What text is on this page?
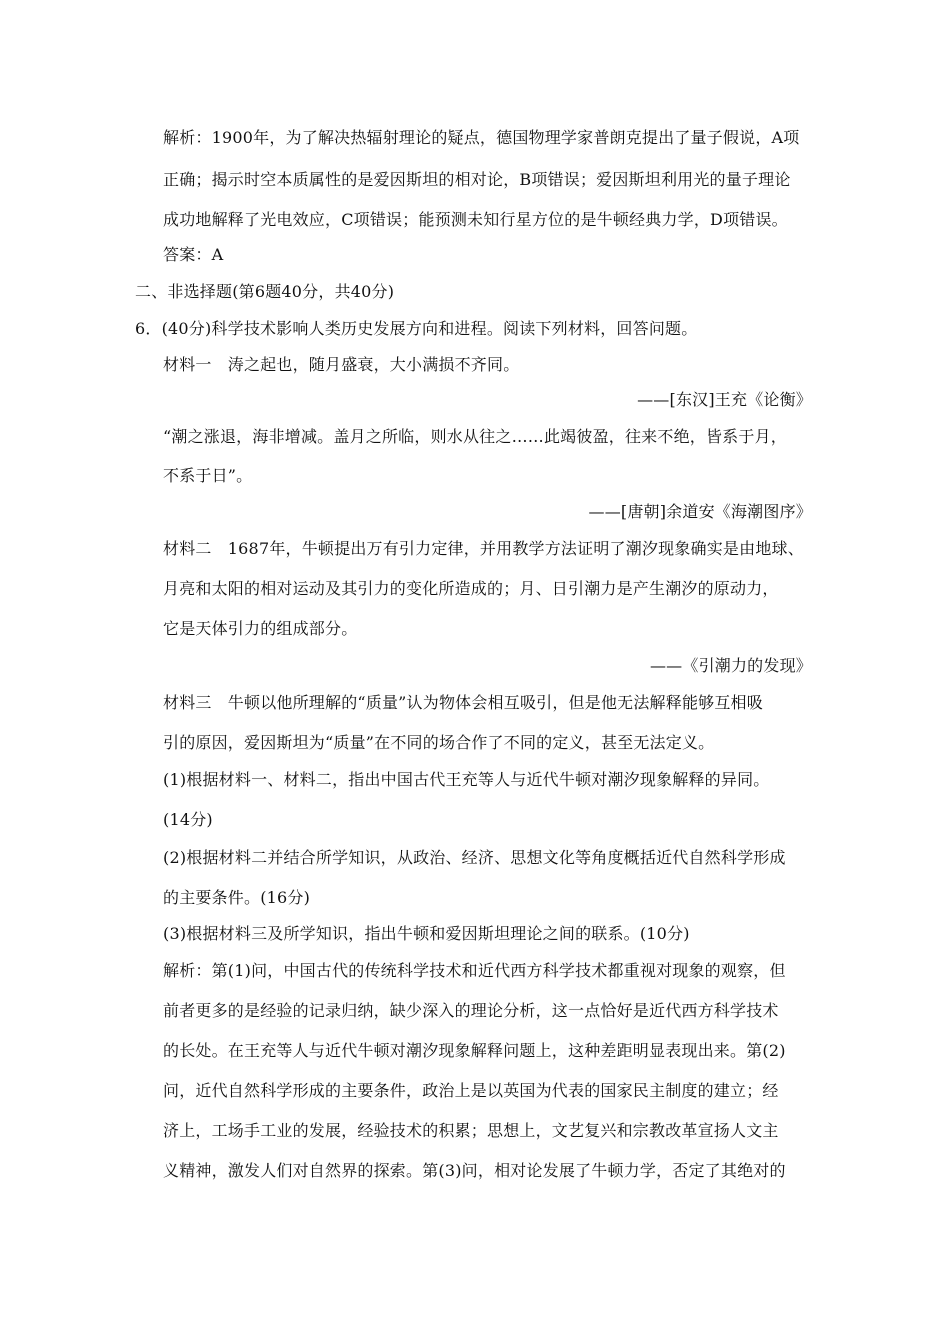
解析：1900年，为了解决热辐射理论的疑点，德国物理学家普朗克提出了量子假说，A项
正确；揭示时空本质属性的是爱因斯坦的相对论，B项错误；爱因斯坦利用光的量子理论
成功地解释了光电效应，C项错误；能预测未知行星方位的是牛顿经典力学，D项错误。
答案：A
二、非选择题(第6题40分，共40分)
6．(40分)科学技术影响人类历史发展方向和进程。阅读下列材料，回答问题。
材料一　涛之起也，随月盛衰，大小满损不齐同。
——[东汉]王充《论衡》
“潮之涨退，海非增减。盖月之所临，则水从往之……此竭彼盈，往来不绝，皆系于月，
不系于日”。
——[唐朝]余道安《海潮图序》
材料二　1687年，牛顿提出万有引力定律，并用教学方法证明了潮汐现象确实是由地球、
月亮和太阳的相对运动及其引力的变化所造成的；月、日引潮力是产生潮汐的原动力，
它是天体引力的组成部分。
——《引潮力的发现》
材料三　牛顿以他所理解的“质量”认为物体会相互吸引，但是他无法解释能够互相吸
引的原因，爱因斯坦为“质量”在不同的场合作了不同的定义，甚至无法定义。
(1)根据材料一、材料二，指出中国古代王充等人与近代牛顿对潮汐现象解释的异同。
(14分)
(2)根据材料二并结合所学知识，从政治、经济、思想文化等角度概括近代自然科学形成
的主要条件。(16分)
(3)根据材料三及所学知识，指出牛顿和爱因斯坦理论之间的联系。(10分)
解析：第(1)问，中国古代的传统科学技术和近代西方科学技术都重视对现象的观察，但
前者更多的是经验的记录归纳，缺少深入的理论分析，这一点恰好是近代西方科学技术
的长处。在王充等人与近代牛顿对潮汐现象解释问题上，这种差距明显表现出来。第(2)
问，近代自然科学形成的主要条件，政治上是以英国为代表的国家民主制度的建立；经
济上，工场手工业的发展，经验技术的积累；思想上，文艺复兴和宗教改革宣扬人文主
义精神，激发人们对自然界的探索。第(3)问，相对论发展了牛顿力学，否定了其绝对的
